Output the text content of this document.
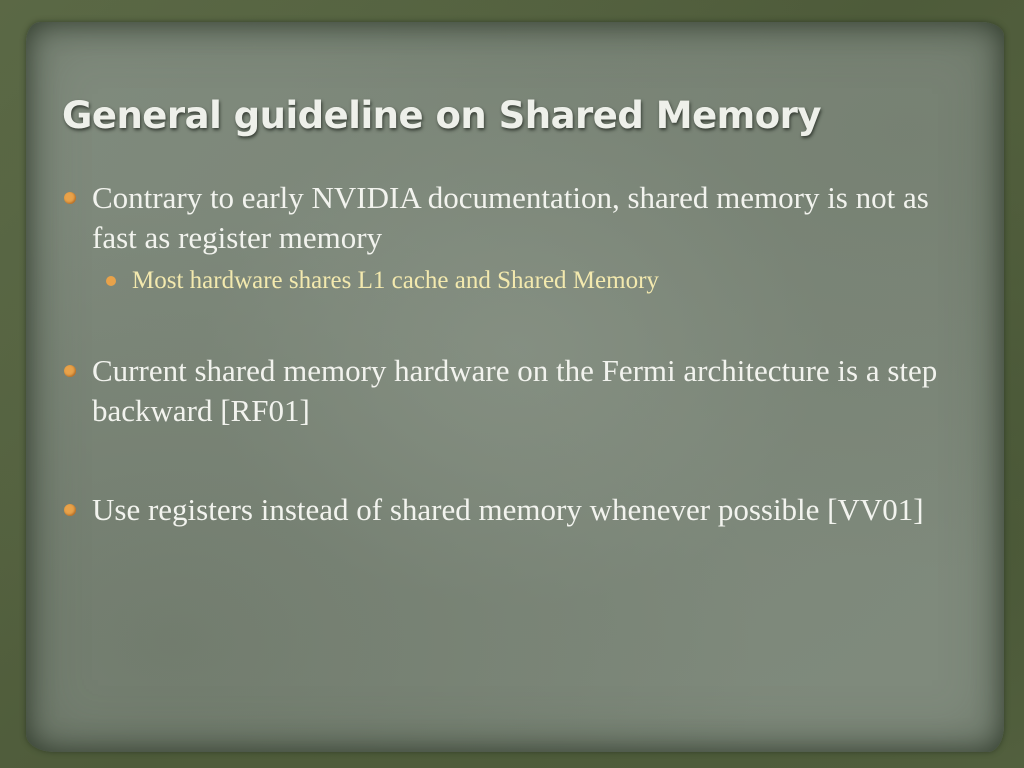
General guideline on Shared Memory
Contrary to early NVIDIA documentation, shared memory is not as fast as register memory
Most hardware shares L1 cache and Shared Memory
Current shared memory hardware on the Fermi architecture is a step backward [RF01]
Use registers instead of shared memory whenever possible [VV01]
